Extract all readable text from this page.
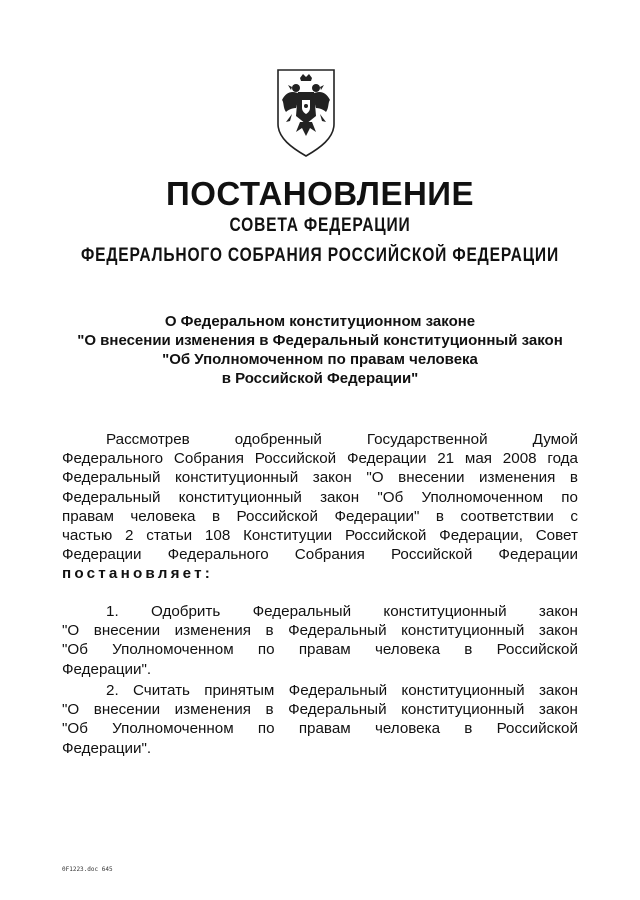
ПОСТАНОВЛЕНИЕ
СОВЕТА ФЕДЕРАЦИИ
ФЕДЕРАЛЬНОГО СОБРАНИЯ РОССИЙСКОЙ ФЕДЕРАЦИИ
О Федеральном конституционном законе
"О внесении изменения в Федеральный конституционный закон
"Об Уполномоченном по правам человека
в Российской Федерации"
Рассмотрев	одобренный	Государственной	Думой
Федерального Собрания Российской Федерации 21 мая 2008 года
Федеральный конституционный закон "О внесении изменения в
Федеральный конституционный закон "Об Уполномоченном по
правам человека в Российской Федерации" в соответствии с
частью 2 статьи 108 Конституции Российской Федерации, Совет
Федерации Федерального Собрания Российской Федерации
постановляет:
1. Одобрить Федеральный конституционный закон
"О внесении изменения в Федеральный конституционный закон
"Об Уполномоченном по правам человека в Российской
Федерации".
2. Считать принятым Федеральный конституционный закон
"О внесении изменения в Федеральный конституционный закон
"Об Уполномоченном по правам человека в Российской
Федерации".
0F1223.doc 645
